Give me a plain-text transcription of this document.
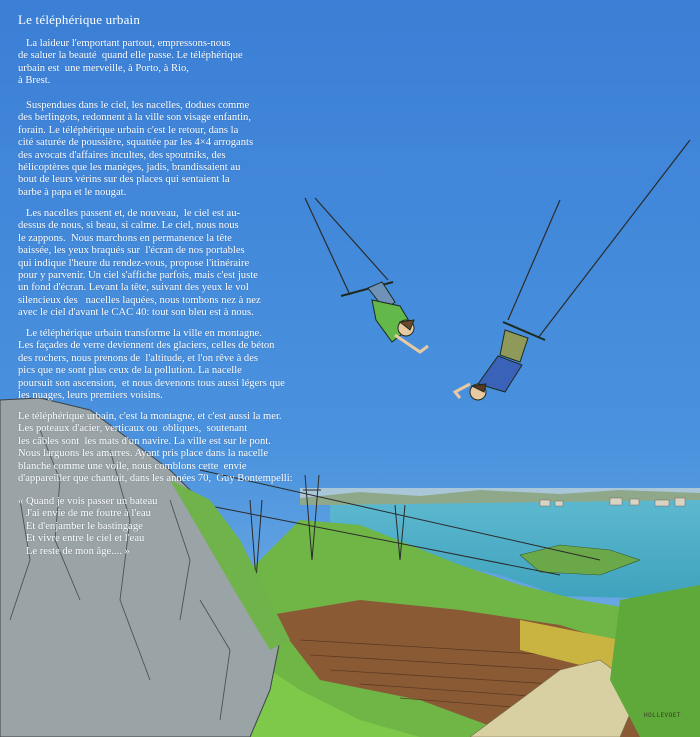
Le téléphérique urbain

La laideur l'emportant partout, empressons-nous
de saluer la beauté  quand elle passe. Le téléphérique
urbain est  une merveille, à Porto, à Rio,
à Brest.

Suspendues dans le ciel, les nacelles, dodues comme
des berlingots, redonnent à la ville son visage enfantin,
forain. Le téléphérique urbain c'est le retour, dans la
cité saturée de poussière, squattée par les 4×4 arrogants
des avocats d'affaires incultes, des spoutniks, des
hélicoptères que les manèges, jadis, brandissaient au
bout de leurs vérins sur des places qui sentaient la
barbe à papa et le nougat.

Les nacelles passent et, de nouveau,  le ciel est au-
dessus de nous, si beau, si calme. Le ciel, nous nous
le zappons.  Nous marchons en permanence la tête
baissée, les yeux braqués sur  l'écran de nos portables
qui indique l'heure du rendez-vous, propose l'itinéraire
pour y parvenir. Un ciel s'affiche parfois, mais c'est juste
un fond d'écran. Levant la tête, suivant des yeux le vol
silencieux des   nacelles laquées, nous tombons nez à nez
avec le ciel d'avant le CAC 40: tout son bleu est à nous.

Le téléphérique urbain transforme la ville en montagne.
Les façades de verre deviennent des glaciers, celles de béton
des rochers, nous prenons de  l'altitude, et l'on rêve à des
pics que ne sont plus ceux de la pollution. La nacelle
poursuit son ascension,  et nous devenons tous aussi légers que
les nuages, leurs premiers voisins.

Le téléphérique urbain, c'est la montagne, et c'est aussi la mer.
Les poteaux d'acier, verticaux ou  obliques,  soutenant
les câbles sont  les mats d'un navire. La ville est sur le pont.
Nous larguons les amarres. Ayant pris place dans la nacelle
blanche comme une voile, nous comblons cette  envie
d'appareiller que chantait, dans les années 70,  Guy Bontempelli:

« Quand je vois passer un bateau
J'ai envie de me foutre à l'eau
Et d'enjamber le bastingage
Et vivre entre le ciel et l'eau
Le reste de mon âge.... »

HOLLEVOET
